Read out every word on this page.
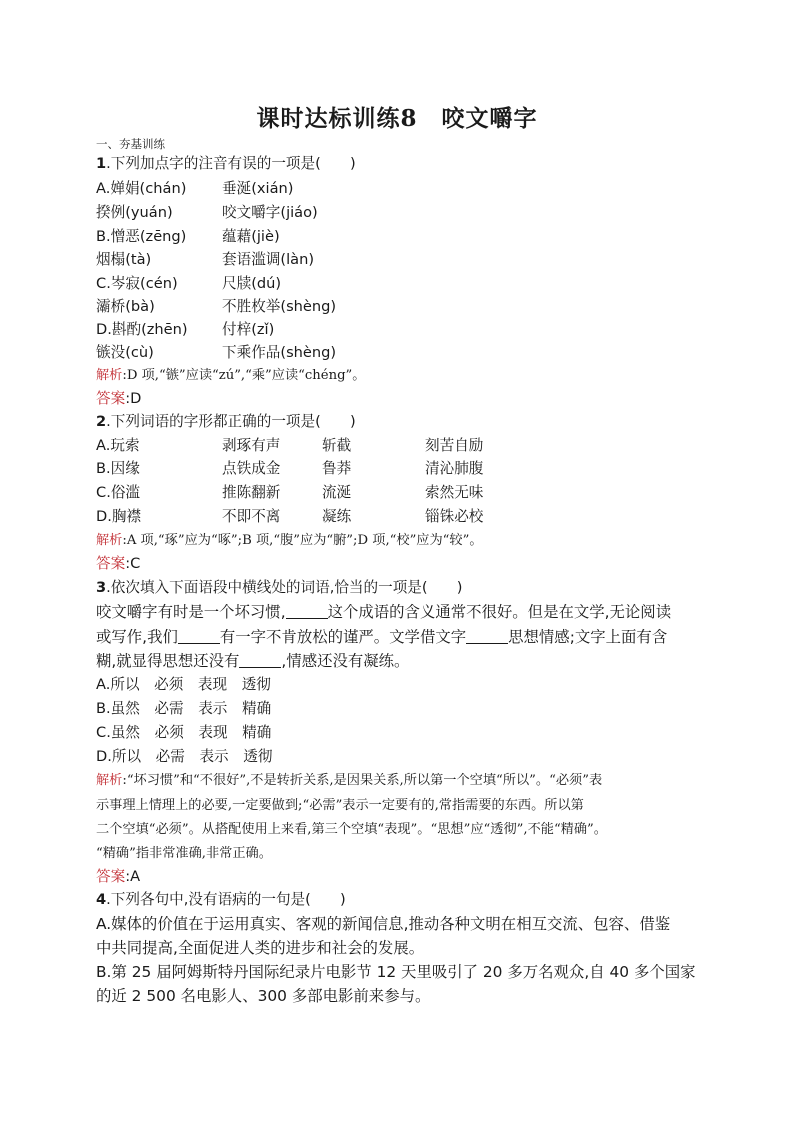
课时达标训练8　咬文嚼字
一、夯基训练
1.下列加点字的注音有误的一项是(　　)
A.婵娟(chán) 垂涎(xián)
揆例(yuán)	咬文嚼字(jiáo)
B.憎恶(zēng) 蕴藉(jiè)
烟榻(tà)	套语滥调(làn)
C.岑寂(cén)	尺牍(dú)
灞桥(bà)	不胜枚举(shèng)
D.斟酌(zhēn) 付梓(zǐ)
镞没(cù)	下乘作品(shèng)
解析:D 项,“镞”应读“zú”,“乘”应读“chéng”。
答案:D
2.下列词语的字形都正确的一项是(　　)
A.玩索	剥琢有声	斩截	刻苦自励
B.因缘	点铁成金	鲁莽	清沁肺腹
C.俗滥	推陈翻新	流涎	索然无味
D.胸襟	不即不离	凝练	锱铢必校
解析:A 项,“琢”应为“啄”;B 项,“腹”应为“腑”;D 项,“校”应为“较”。
答案:C
3.依次填入下面语段中横线处的词语,恰当的一项是(　　)
咬文嚼字有时是一个坏习惯,	这个成语的含义通常不很好。但是在文学,无论阅读
或写作,我们	有一字不肯放松的谨严。文学借文字	思想情感;文字上面有含
糊,就显得思想还没有	,情感还没有凝练。
A.所以　必须　表现　透彻
B.虽然　必需　表示　精确
C.虽然　必须　表现　精确
D.所以　必需　表示　透彻
解析:“坏习惯”和“不很好”,不是转折关系,是因果关系,所以第一个空填“所以”。“必须”表
示事理上情理上的必要,一定要做到;“必需”表示一定要有的,常指需要的东西。所以第
二个空填“必须”。从搭配使用上来看,第三个空填“表现”。“思想”应“透彻”,不能“精确”。
“精确”指非常准确,非常正确。
答案:A
4.下列各句中,没有语病的一句是(　　)
A.媒体的价值在于运用真实、客观的新闻信息,推动各种文明在相互交流、包容、借鉴
中共同提高,全面促进人类的进步和社会的发展。
B.第 25 届阿姆斯特丹国际纪录片电影节 12 天里吸引了 20 多万名观众,自 40 多个国家
的近 2 500 名电影人、300 多部电影前来参与。
